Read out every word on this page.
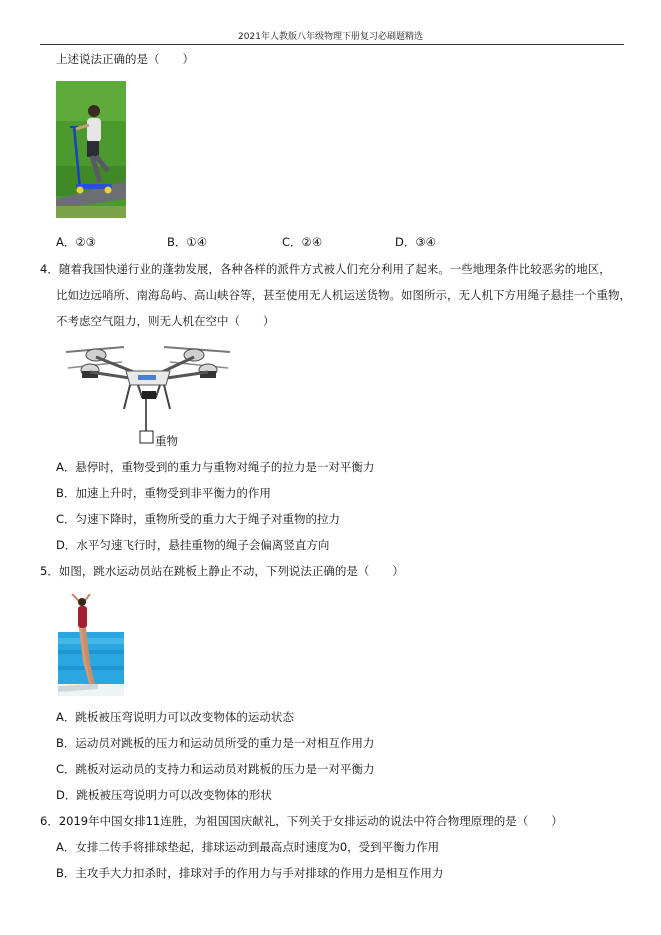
2021年人教版八年级物理下册复习必刷题精选
上述说法正确的是（　　）
A．②③	B．①④	C．②④	D．③④
4．随着我国快递行业的蓬勃发展，各种各样的派件方式被人们充分利用了起来。一些地理条件比较恶劣的地区，
比如边远哨所、南海岛屿、高山峡谷等，甚至使用无人机运送货物。如图所示，无人机下方用绳子悬挂一个重物，
不考虑空气阻力，则无人机在空中（　　）
重物
A．悬停时，重物受到的重力与重物对绳子的拉力是一对平衡力
B．加速上升时，重物受到非平衡力的作用
C．匀速下降时，重物所受的重力大于绳子对重物的拉力
D．水平匀速飞行时，悬挂重物的绳子会偏离竖直方向
5．如图，跳水运动员站在跳板上静止不动，下列说法正确的是（　　）
A．跳板被压弯说明力可以改变物体的运动状态
B．运动员对跳板的压力和运动员所受的重力是一对相互作用力
C．跳板对运动员的支持力和运动员对跳板的压力是一对平衡力
D．跳板被压弯说明力可以改变物体的形状
6．2019年中国女排11连胜，为祖国国庆献礼，下列关于女排运动的说法中符合物理原理的是（　　）
A．女排二传手将排球垫起，排球运动到最高点时速度为0，受到平衡力作用
B．主攻手大力扣杀时，排球对手的作用力与手对排球的作用力是相互作用力
